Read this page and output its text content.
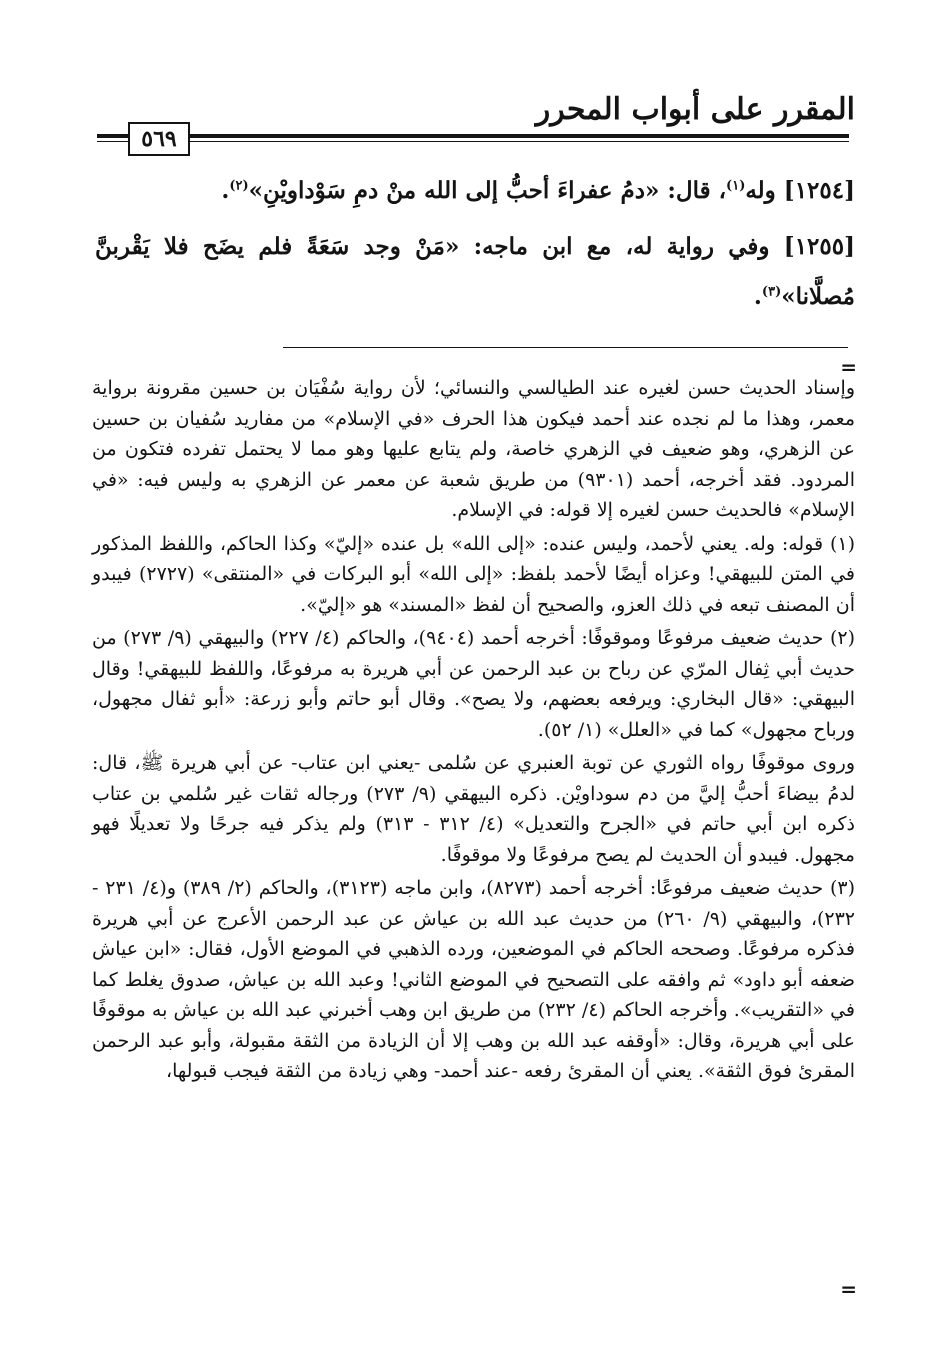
المقرر على أبواب المحرر
٥٦٩

[١٢٥٤] وله$^{(١)}$، قال: «دمُ عفراءَ أحبُّ إلى الله منْ دمِ سَوْداويْنِ»$^{(٢)}$.

[١٢٥٥] وفي رواية له، مع ابن ماجه: «مَنْ وجد سَعَةً فلم يضَح فلا يَقْربنَّ مُصلَّانا»$^{(٣)}$.

=

وإسناد الحديث حسن لغيره عند الطيالسي والنسائي؛ لأن رواية سُفْيَان بن حسين مقرونة برواية معمر، وهذا ما لم نجده عند أحمد فيكون هذا الحرف «في الإسلام» من مفاريد سُفيان بن حسين عن الزهري، وهو ضعيف في الزهري خاصة، ولم يتابع عليها وهو مما لا يحتمل تفرده فتكون من المردود. فقد أخرجه، أحمد (٩٣٠١) من طريق شعبة عن معمر عن الزهري به وليس فيه: «في الإسلام» فالحديث حسن لغيره إلا قوله: في الإسلام.

(١) قوله: وله. يعني لأحمد، وليس عنده: «إلى الله» بل عنده «إليّ» وكذا الحاكم، واللفظ المذكور في المتن للبيهقي! وعزاه أيضًا لأحمد بلفظ: «إلى الله» أبو البركات في «المنتقى» (٢٧٢٧) فيبدو أن المصنف تبعه في ذلك العزو، والصحيح أن لفظ «المسند» هو «إليّ».

(٢) حديث ضعيف مرفوعًا وموقوفًا: أخرجه أحمد (٩٤٠٤)، والحاكم (٤/ ٢٢٧) والبيهقي (٩/ ٢٧٣) من حديث أبي ثِفال المرّي عن رباح بن عبد الرحمن عن أبي هريرة به مرفوعًا، واللفظ للبيهقي! وقال البيهقي: «قال البخاري: ويرفعه بعضهم، ولا يصح». وقال أبو حاتم وأبو زرعة: «أبو ثفال مجهول، ورباح مجهول» كما في «العلل» (١/ ٥٢).

وروى موقوفًا رواه الثوري عن توبة العنبري عن سُلمى -يعني ابن عتاب- عن أبي هريرة ﷺ، قال: لدمُ بيضاءَ أحبُّ إليَّ من دم سوداويْن. ذكره البيهقي (٩/ ٢٧٣) ورجاله ثقات غير سُلمي بن عتاب ذكره ابن أبي حاتم في «الجرح والتعديل» (٤/ ٣١٢ - ٣١٣) ولم يذكر فيه جرحًا ولا تعديلًا فهو مجهول. فيبدو أن الحديث لم يصح مرفوعًا ولا موقوفًا.

(٣) حديث ضعيف مرفوعًا: أخرجه أحمد (٨٢٧٣)، وابن ماجه (٣١٢٣)، والحاكم (٢/ ٣٨٩) و(٤/ ٢٣١ - ٢٣٢)، والبيهقي (٩/ ٢٦٠) من حديث عبد الله بن عياش عن عبد الرحمن الأعرج عن أبي هريرة فذكره مرفوعًا. وصححه الحاكم في الموضعين، ورده الذهبي في الموضع الأول، فقال: «ابن عياش ضعفه أبو داود» ثم وافقه على التصحيح في الموضع الثاني! وعبد الله بن عياش، صدوق يغلط كما في «التقريب». وأخرجه الحاكم (٤/ ٢٣٢) من طريق ابن وهب أخبرني عبد الله بن عياش به موقوفًا على أبي هريرة، وقال: «أوقفه عبد الله بن وهب إلا أن الزيادة من الثقة مقبولة، وأبو عبد الرحمن المقرئ فوق الثقة». يعني أن المقرئ رفعه -عند أحمد- وهي زيادة من الثقة فيجب قبولها،

=
